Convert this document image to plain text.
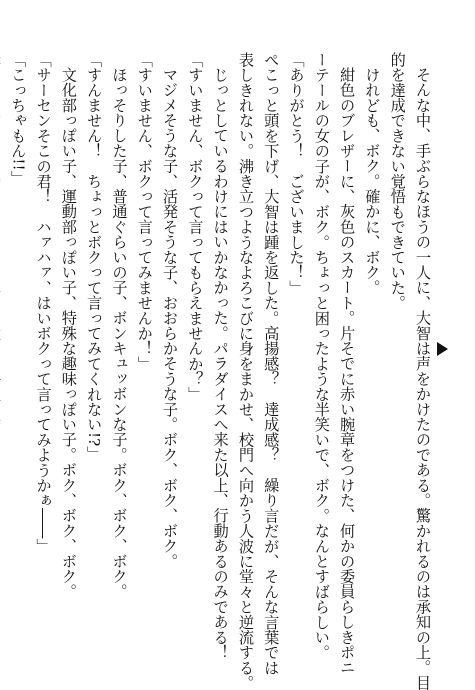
そんな中、手ぶらなほうの一人に、大智は声をかけたのである。驚かれるのは承知の上。目
的を達成できない覚悟もできていた。
けれども、ボク。確かに、ボク。
紺色のブレザーに、灰色のスカート。片そでに赤い腕章をつけた、何かの委員らしきポニ
ーテールの女の子が、ボク。ちょっと困ったような半笑いで、ボク。なんとすばらしい。
「ありがとう！　ございました！」
ぺこっと頭を下げ、大智は踵を返した。高揚感？　達成感？　繰り言だが、そんな言葉では
表しきれない。沸き立つようなよろこびに身をまかせ、校門へ向かう人波に堂々と逆流する。
じっとしているわけにはいかなかった。パラダイスへ来た以上、行動あるのみである！
「すいません、ボクって言ってもらえませんか？」
マジメそうな子、活発そうな子、おおらかそうな子。ボク、ボク、ボク。
「すいません、ボクって言ってみませんか！」
ほっそりした子、普通ぐらいの子、ボンキュッボンな子。ボク、ボク、ボク。
「すんません！　ちょっとボクって言ってみてくれない!?」
文化部っぽい子、運動部っぽい子、特殊な趣味っぽい子。ボク、ボク、ボク。
「サーセンそこの君！　ハァハァ、はいボクって言ってみようかぁ――」
「こっちゃもん!!」
